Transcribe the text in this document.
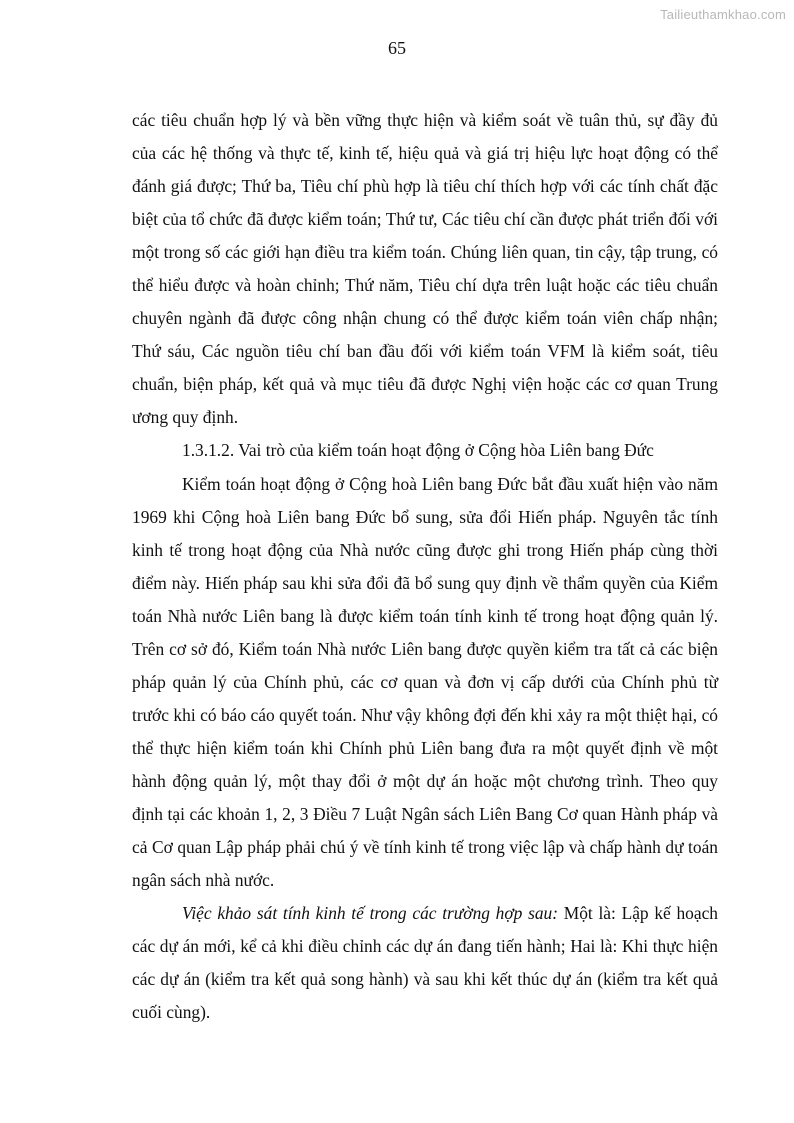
Tailieuthamkhao.com
65

các tiêu chuẩn hợp lý và bền vững thực hiện và kiểm soát về tuân thủ, sự đầy đủ của các hệ thống và thực tế, kinh tế, hiệu quả và giá trị hiệu lực hoạt động có thể đánh giá được; Thứ ba, Tiêu chí phù hợp là tiêu chí thích hợp với các tính chất đặc biệt của tổ chức đã được kiểm toán; Thứ tư, Các tiêu chí cần được phát triển đối với một trong số các giới hạn điều tra kiểm toán. Chúng liên quan, tin cậy, tập trung, có thể hiểu được và hoàn chỉnh; Thứ năm, Tiêu chí dựa trên luật hoặc các tiêu chuẩn chuyên ngành đã được công nhận chung có thể được kiểm toán viên chấp nhận; Thứ sáu, Các nguồn tiêu chí ban đầu đối với kiểm toán VFM là kiểm soát, tiêu chuẩn, biện pháp, kết quả và mục tiêu đã được Nghị viện hoặc các cơ quan Trung ương quy định.

1.3.1.2. Vai trò của kiểm toán hoạt động ở Cộng hòa Liên bang Đức

Kiểm toán hoạt động ở Cộng hoà Liên bang Đức bắt đầu xuất hiện vào năm 1969 khi Cộng hoà Liên bang Đức bổ sung, sửa đổi Hiến pháp. Nguyên tắc tính kinh tế trong hoạt động của Nhà nước cũng được ghi trong Hiến pháp cùng thời điểm này. Hiến pháp sau khi sửa đổi đã bổ sung quy định về thẩm quyền của Kiểm toán Nhà nước Liên bang là được kiểm toán tính kinh tế trong hoạt động quản lý. Trên cơ sở đó, Kiểm toán Nhà nước Liên bang được quyền kiểm tra tất cả các biện pháp quản lý của Chính phủ, các cơ quan và đơn vị cấp dưới của Chính phủ từ trước khi có báo cáo quyết toán. Như vậy không đợi đến khi xảy ra một thiệt hại, có thể thực hiện kiểm toán khi Chính phủ Liên bang đưa ra một quyết định về một hành động quản lý, một thay đổi ở một dự án hoặc một chương trình. Theo quy định tại các khoản 1, 2, 3 Điều 7 Luật Ngân sách Liên Bang Cơ quan Hành pháp và cả Cơ quan Lập pháp phải chú ý về tính kinh tế trong việc lập và chấp hành dự toán ngân sách nhà nước.

Việc khảo sát tính kinh tế trong các trường hợp sau: Một là: Lập kế hoạch các dự án mới, kể cả khi điều chỉnh các dự án đang tiến hành; Hai là: Khi thực hiện các dự án (kiểm tra kết quả song hành) và sau khi kết thúc dự án (kiểm tra kết quả cuối cùng).
